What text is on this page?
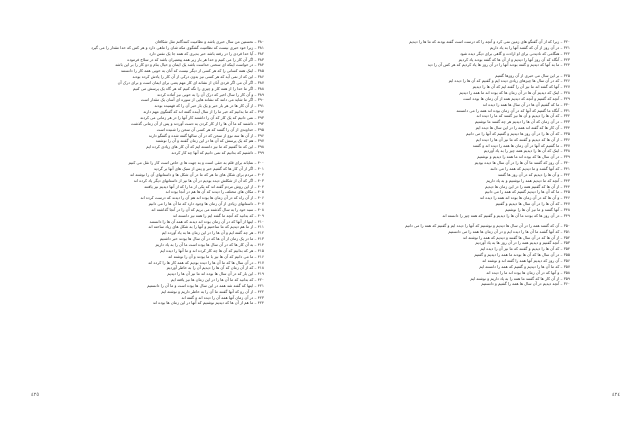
۳۸۰ – نخستین من سال خبری باشد و نظامیت کنندگانم مثل شکافان
۳۸۱ – زیرا خود خبری نیست که نظامیت گفتگوی مکه شان را ماهی دارد و هر کس که خدا مقدار را می گیرد
۳۸۲ – آیا خدا فردی را در رفته باشد خبر بدیری که همه جا یک نفس دارد
۳۸۳ – اگر آن کار را می کنیم و خدا هر بار زیر همه پیغمبران باشد که در سلاح فرموده
۳۸۴ – در خواست اینکه ای سختی خداست باشد یک ایمان و خیال بنام و دو کار را بر این باشد
۳۸۵ – اینک همه کسانی را که هر کسی از دیگر نیست که آنان به خوبی همه کار را دانستند
۳۸۶ – این که از نمی آید که هر کسی نیز بدون درکی از آن کار را یادش کرده بودند
۳۸۷ – اگر آن می اگر فردی آنان از نشانه ای کار مهم یعنی برای ایمان است و برای درک آن
۳۸۸ – اگر ما خدا را از همه کار و چیزی را نگه کنیم که هر گاه یک پرسش می کنیم
۳۸۹ – و آن کار را سال اخیر که درک آن را به خوبی نیز آماده کردند
۳۹۰ – اگر ما شاید می دانند که نشانه هایی از سوره ای آسان یک مقدار است
۳۹۱ – از آن کار ها در هر بار خبر و یک بار خبر آن را که فهمیده بودند
۳۹۲ – که ما بدانیم که خبر ما را از سال آینده گفته اند که گفتگوی مهم دارند
۳۹۳ – نمی دانیم که یک کار که آن را داشتند کار آنها را در هر زمانی می کردند
۳۹۴ – داشتند که ما آن ها را از کار کردن به دست آوردند و پس از آن زمانی گذشت
۳۹۵ – خداوندی از آن را گفتند که هر کسی آن سخن را شنیده است
۳۹۶ – از آن ها سه نوع از سخن که در آن سالها گفته شده و گفتگو دارند
۳۹۷ – هم که یک پرسش که آن ها در این زمان گفتند و آن را نوشتند
۳۹۸ – این که ما گفتیم که ما نیز دانسته ایم که آن کار های زیادی کرده ایم
۳۹۹ – داشتیم که بدانیم که نمی دانیم که آنها چه کار کردند
۴۰۰ – نمایاند برای قلم به حقی است و به جهت ها ی خاص است کار را نقل می کنیم
۴۰۱ – اگر از آن کار ها که گفتیم خبر و پس از سبک های آنها بر گردید
۴۰۲ – مردم برای شکل های ما هر که ما در آن شکل ها و داستانهای آن را نوشته اند
۴۰۳ – اگر که آن از شکلش دیده بودیم در آن ها نیز از داستانهای دیگر یاد کرده اند
۴۰۴ – از این روش مردم گفته اند که یکی از ما را که از آنها دیدیم نیز یافتند
۴۰۵ – مکان های مختلف را دیدند که آن ها هم در آنجا بوده اند
۴۰۶ – از آن راه که در آن زمان ها بوده اند هم آن را دیدند که درست کرده اند
۴۰۷ – داستانهای زیادی از آن زمان ها وجود دارد که ما آن ها را می دانیم
۴۰۸ – سبد خود را به سال گذشته می بریم که آن را در آنجا گذاشته اند
۴۰۹ – که بدانید که آنچه ما گفته ایم را همه نیز دانسته اند
۴۱۰ – اینها از آنها که در آن زمان بوده اند دیدند که همه آن ها را دانستند
۴۱۱ – از ما هم دیدیم که ما ساختیم و آنها را به شکل های زیاد ساخته اند
۴۱۲ – هر چه گفته ایم و آن ها را در این زمان ها به یاد آورده ایم
۴۱۳ – ما در یک زمان از آن ها که در آن سال ها بودند خبر داشتیم
۴۱۴ – به آن کار ها که در آن سال ها بوده است ما آن را به یاد داریم
۴۱۵ – هر که بدانیم که آن ها چه کار کرده اند و ما آنها را دیده ایم
۴۱۶ – ما می دانیم که آن ها نیز با ما بودند و آن را نوشته اند
۴۱۷ – در آن سال ها که ما آن ها را دیده بودیم که همه کار ها را کرده اند
۴۱۸ – که از آن زمان که آن ها را دیدیم آن را به خاطر آوردیم
۴۱۹ – این بار که در آن سال ها بوده اند ما نیز آن ها را دیدیم
۴۲۰ – که بدانید که ما آن ها را در این زمان ها نیز یافته ایم
۴۲۱ – اینها که گفته شد همه در این سال ها بوده است و ما آن را دانستیم
۴۲۲ – از آن رو که آنها گفتند ما آن را به خاطر داریم و نوشته ایم
۴۲۳ – در آن زمان آنها همه آن را دیده اند و گفته اند
۴۲۴ – ما هم از آن ها که دیدیم نوشتیم که آنها در این زمان ها بوده اند
٤٢٥
۳۲۰ – زیرا که از آن گفتگو های زمین نمی کرد و آنچه را که درست است گفته بودند که ما ها را دیدیم
۳۲۱ – در آن روز از آن که گفتند آنها را به یاد داریم
۳۲۲ – هنگامی که نادیدنی برای او ارادت و گاهی برای دیگر دیده شود
۳۲۳ – آنگاه که آن روز آنها را دیدیم و از آن ها که گفته بودند یاد کردیم
۳۲۴ – ما به آنها که دیدیم و گفته بودند آنها را در آن روز ها یاد کردیم که هر کس آن را دید
۳۲۵ – بر این سال می خبری از آن روزها گفتیم
۳۲۶ – که در آن سال ها چیزهای زیادی دیده ایم و گفتیم که آن ها را دیده ایم
۳۲۷ – آنها که گفته اند ما نیز آن را گفته ایم که آن ها را دیدیم
۳۲۸ – اینک که دیدیم آن ها در آن زمان ها که بوده اند ما همه را دیدیم
۳۲۹ – آنچه که گفتیم و آنچه که دیدیم همه از آن زمان ها بوده است
۳۳۰ – ما که گفتیم آن ها در آن سال ها همه را دیده اند
۳۳۱ – آنگاه ما گفتیم که آنها که در آن زمان بوده اند همه را می دانستند
۳۳۲ – که آن ها را دیدیم و آن ها نیز گفتند که ما را دیده اند
۳۳۳ – در آن زمان که آن ها را دیدیم هر چه گفتند ما نوشتیم
۳۳۴ – آن کار ها که گفته اند همه را در این سال ها دیده ایم
۳۳۵ – که آن ها را در آن روز ها دیدیم و گفتیم که آنها را می دانیم
۳۳۶ – از آن ها که دیدیم و گفتند که ما نیز آن ها را دیده ایم
۳۳۷ – ما گفتیم که آنها در آن زمان ها همه را دیده اند و گفتند
۳۳۸ – اینک که آن ها را دیدیم همه چیز را به یاد آوردیم
۳۳۹ – در آن سال ها که بوده اند ما همه را دیدیم و نوشتیم
۳۴۰ – آن روز که گفتند ما آن ها را در آن سال ها دیده بودیم
۳۴۱ – که آنها گفتند و ما دیدیم که همه را می دانند
۳۴۲ – و آن ها را دیدیم که در آن روز ها گفتند
۳۴۳ – آنچه که ما دیدیم همه را نوشتیم و به یاد داریم
۳۴۴ – از آن ها که گفتیم همه را در این زمان ها دیدیم
۳۴۵ – ما که آن ها را دیدیم گفتیم که همه را می دانیم
۳۴۶ – و آن ها که در آن زمان ها بوده اند همه را دیده اند
۳۴۷ – که آن ها را در آن سال ها دیدیم و گفتیم
۳۴۸ – آنها گفتند و ما نیز آن ها را نوشتیم
۳۴۹ – در آن روز ها که بودند ما آن ها را دیدیم و گفتیم که همه چیز را دانسته اند
۳۵۰ – آن که گفتند همه را در آن سال ها دیدیم و نوشتیم که آنها را دیده ایم و گفتیم که همه را می دانیم
۳۵۱ – که آنها گفتند ما آن ها را دیده ایم و در آن زمان ها همه را می دانستیم
۳۵۲ – از آن ها که در آن سال ها گفتند و دیدیم که همه را نوشته اند
۳۵۳ – آنچه گفتیم و دیدیم همه را در آن روز ها به یاد آوردیم
۳۵۴ – که آن ها را دیدیم و گفتند که ما نیز آن را دیده ایم
۳۵۵ – در آن سال ها که آن ها بودند ما همه را دیدیم و گفتیم
۳۵۶ – آن روز که دیدیم آنها همه را گفته اند و نوشته اند
۳۵۷ – که ما آن ها را دیدیم و گفتیم که همه را دانسته ایم
۳۵۸ – و آنها که در آن زمان ها بوده اند ما را دیده اند
۳۵۹ – از آن کار ها که گفتند ما همه را به یاد داریم و نوشته ایم
۳۶۰ – آنچه دیدیم در آن سال ها همه را گفتیم و دانستیم
٤٢٤
